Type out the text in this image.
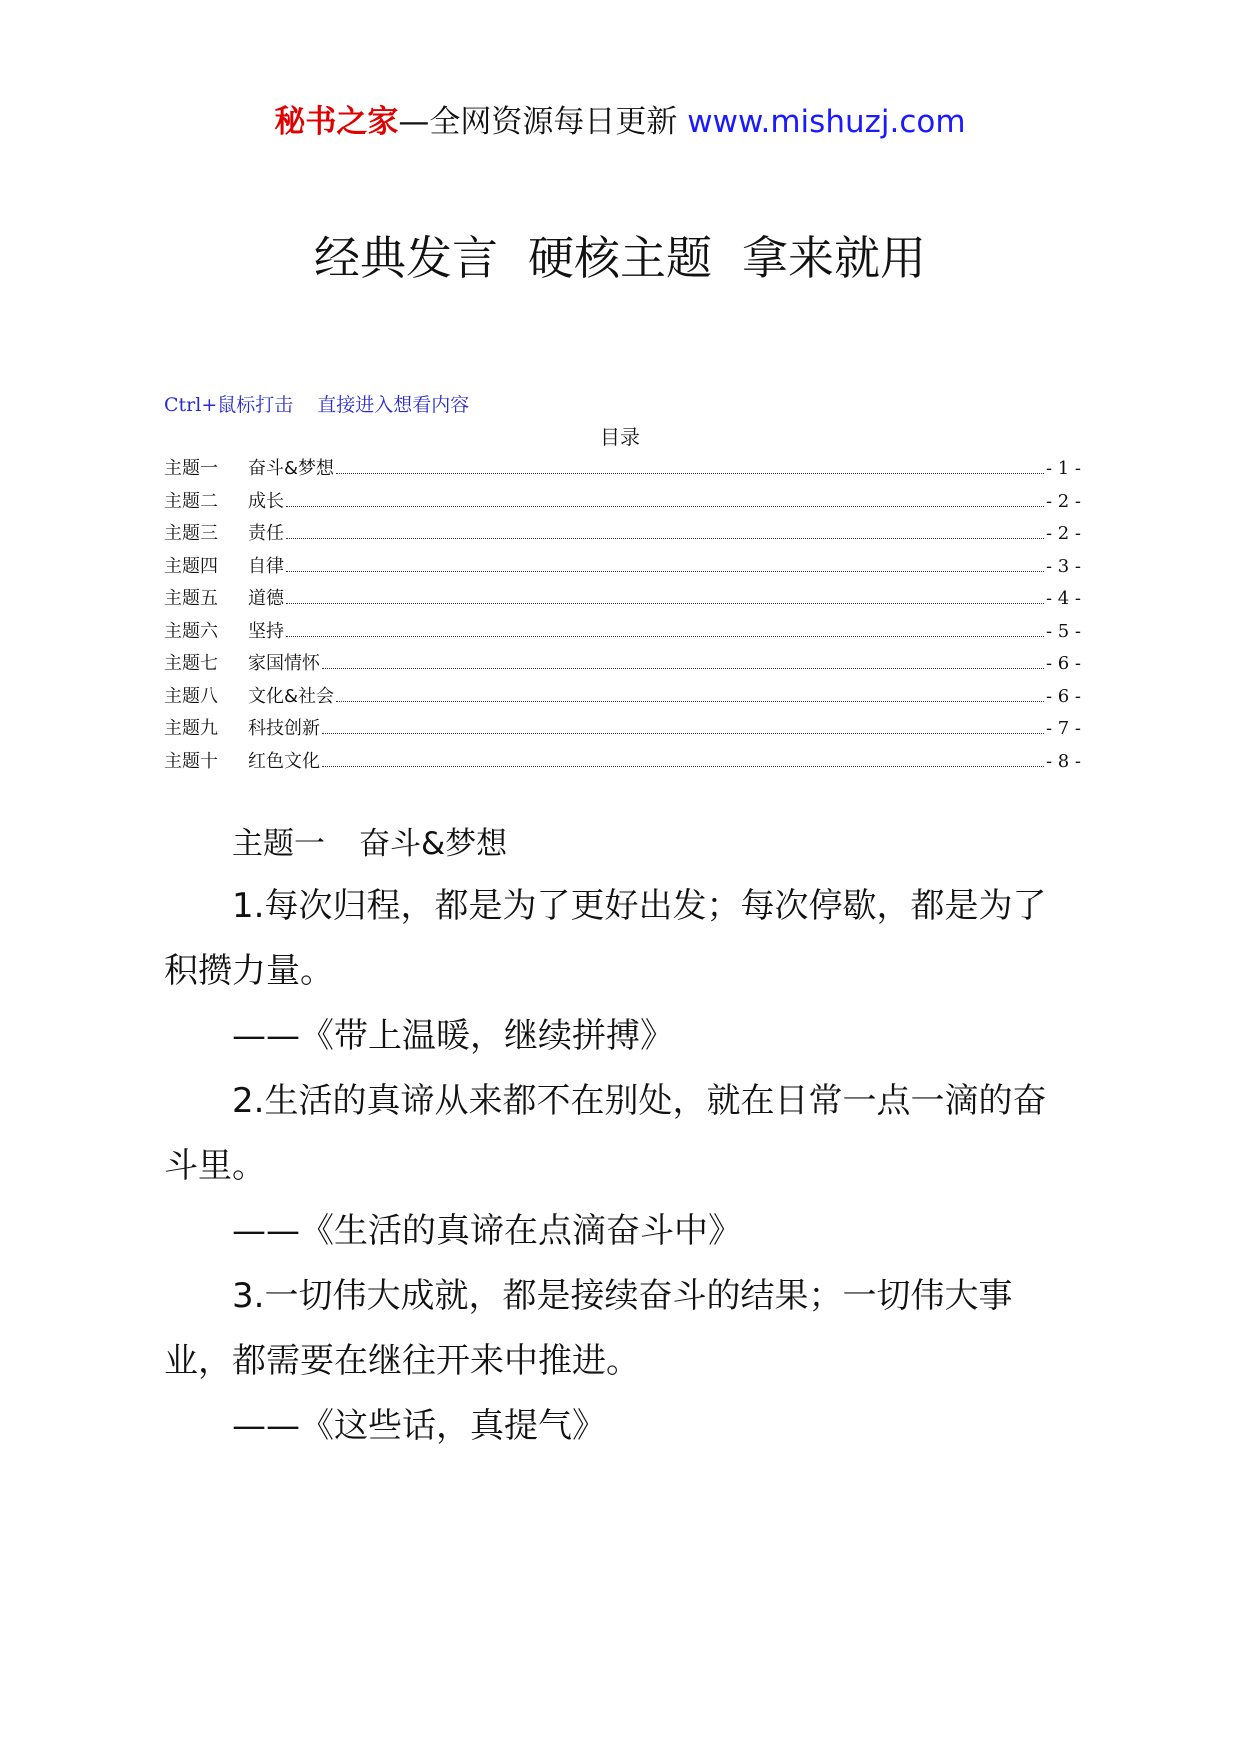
秘书之家—全网资源每日更新 www.mishuzj.com
经典发言 硬核主题 拿来就用
Ctrl+鼠标打击 直接进入想看内容
目录
主题一	奋斗&梦想	- 1 -
主题二	成长	- 2 -
主题三	责任	- 2 -
主题四	自律	- 3 -
主题五	道德	- 4 -
主题六	坚持	- 5 -
主题七	家国情怀	- 6 -
主题八	文化&社会	- 6 -
主题九	科技创新	- 7 -
主题十	红色文化	- 8 -
主题一 奋斗&梦想

1.每次归程，都是为了更好出发；每次停歇，都是为了积攒力量。

——《带上温暖，继续拼搏》

2.生活的真谛从来都不在别处，就在日常一点一滴的奋斗里。

——《生活的真谛在点滴奋斗中》

3.一切伟大成就，都是接续奋斗的结果；一切伟大事业，都需要在继往开来中推进。

——《这些话，真提气》
